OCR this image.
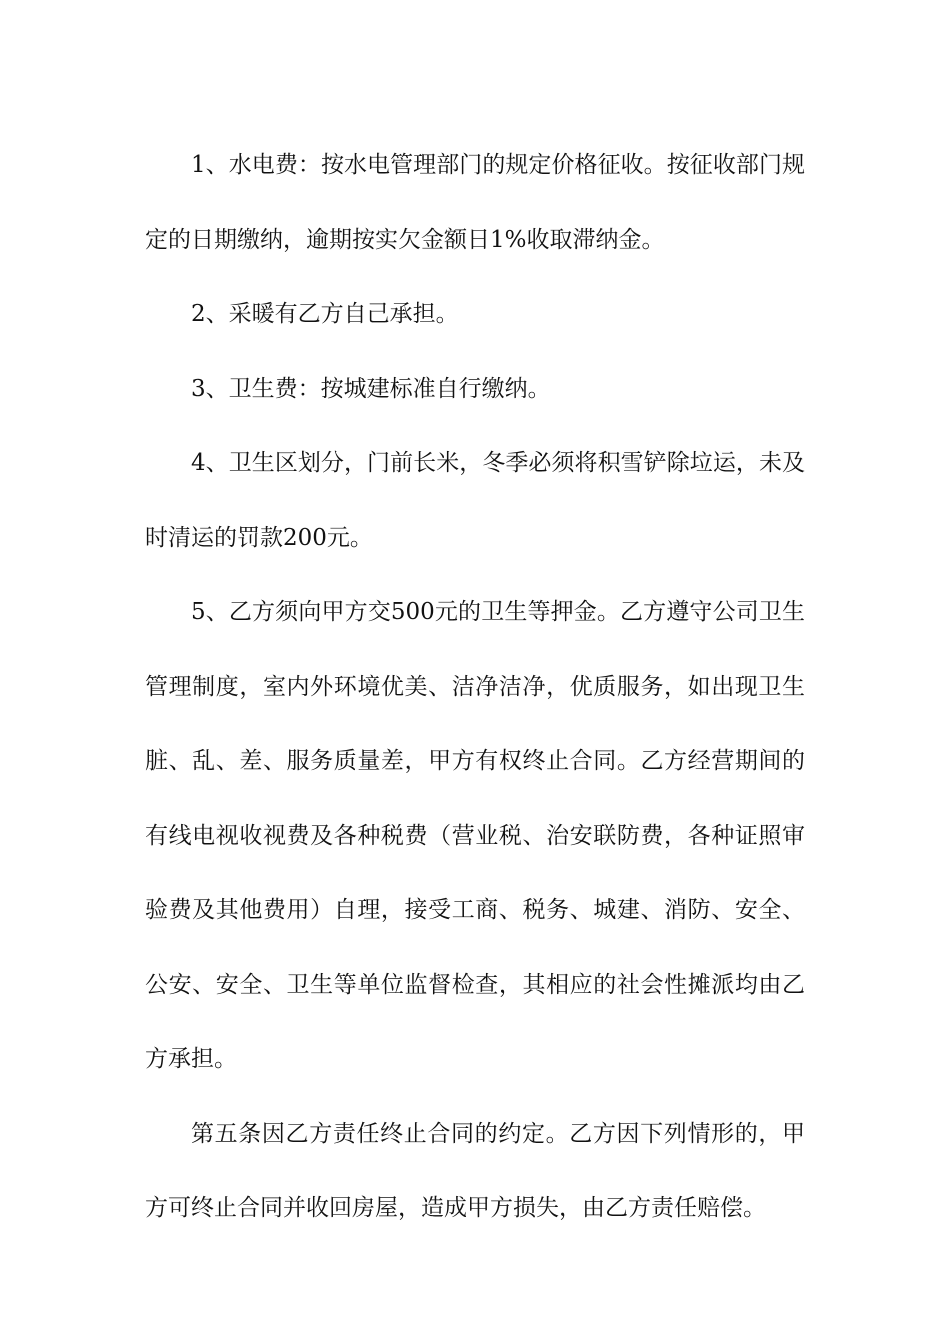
1、水电费：按水电管理部门的规定价格征收。按征收部门规定的日期缴纳，逾期按实欠金额日1%收取滞纳金。

2、采暖有乙方自己承担。

3、卫生费：按城建标准自行缴纳。

4、卫生区划分，门前长米，冬季必须将积雪铲除垃运，未及时清运的罚款200元。

5、乙方须向甲方交500元的卫生等押金。乙方遵守公司卫生管理制度，室内外环境优美、洁净洁净，优质服务，如出现卫生脏、乱、差、服务质量差，甲方有权终止合同。乙方经营期间的有线电视收视费及各种税费（营业税、治安联防费，各种证照审验费及其他费用）自理，接受工商、税务、城建、消防、安全、公安、安全、卫生等单位监督检查，其相应的社会性摊派均由乙方承担。

第五条因乙方责任终止合同的约定。乙方因下列情形的，甲方可终止合同并收回房屋，造成甲方损失，由乙方责任赔偿。
